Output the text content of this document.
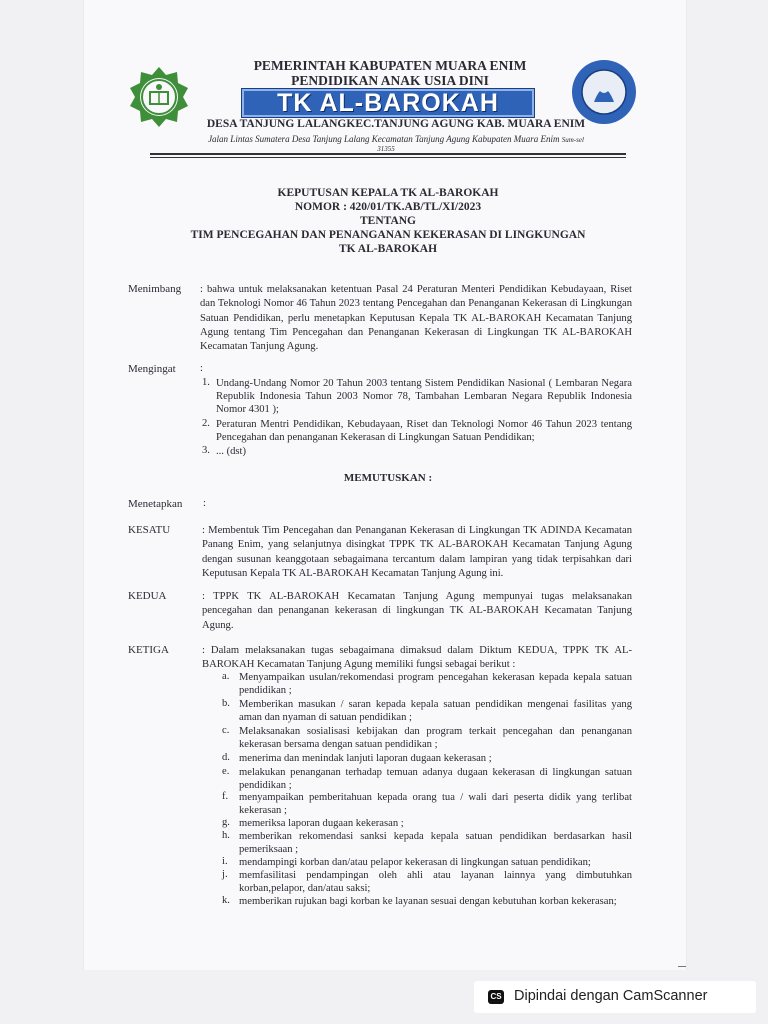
PEMERINTAH KABUPATEN MUARA ENIM
PENDIDIKAN ANAK USIA DINI
TK AL-BAROKAH
DESA TANJUNG LALANGKEC.TANJUNG AGUNG KAB. MUARA ENIM
Jalan Lintas Sumatera Desa Tanjung Lalang Kecamatan Tanjung Agung Kabupaten Muara Enim Sum-sel
31355
KEPUTUSAN KEPALA TK AL-BAROKAH
NOMOR : 420/01/TK.AB/TL/XI/2023
TENTANG
TIM PENCEGAHAN DAN PENANGANAN KEKERASAN DI LINGKUNGAN
TK AL-BAROKAH
Menimbang : bahwa untuk melaksanakan ketentuan Pasal 24 Peraturan Menteri Pendidikan Kebudayaan, Riset dan Teknologi Nomor 46 Tahun 2023 tentang Pencegahan dan Penanganan Kekerasan di Lingkungan Satuan Pendidikan, perlu menetapkan Keputusan Kepala TK AL-BAROKAH Kecamatan Tanjung Agung tentang Tim Pencegahan dan Penanganan Kekerasan di Lingkungan TK AL-BAROKAH Kecamatan Tanjung Agung.
Mengingat :
1. Undang-Undang Nomor 20 Tahun 2003 tentang Sistem Pendidikan Nasional ( Lembaran Negara Republik Indonesia Tahun 2003 Nomor 78, Tambahan Lembaran Negara Republik Indonesia Nomor 4301 );
2. Peraturan Mentri Pendidikan, Kebudayaan, Riset dan Teknologi Nomor 46 Tahun 2023 tentang Pencegahan dan penanganan Kekerasan di Lingkungan Satuan Pendidikan;
3. ... (dst)
MEMUTUSKAN :
Menetapkan :
KESATU	: Membentuk Tim Pencegahan dan Penanganan Kekerasan di Lingkungan TK ADINDA Kecamatan Panang Enim, yang selanjutnya disingkat TPPK TK AL-BAROKAH Kecamatan Tanjung Agung dengan susunan keanggotaan sebagaimana tercantum dalam lampiran yang tidak terpisahkan dari Keputusan Kepala TK AL-BAROKAH Kecamatan Tanjung Agung ini.
KEDUA	: TPPK TK AL-BAROKAH Kecamatan Tanjung Agung mempunyai tugas melaksanakan pencegahan dan penanganan kekerasan di lingkungan TK AL-BAROKAH Kecamatan Tanjung Agung.
KETIGA	: Dalam melaksanakan tugas sebagaimana dimaksud dalam Diktum KEDUA, TPPK TK AL-BAROKAH Kecamatan Tanjung Agung memiliki fungsi sebagai berikut :
a. Menyampaikan usulan/rekomendasi program pencegahan kekerasan kepada kepala satuan pendidikan ;
b. Memberikan masukan / saran kepada kepala satuan pendidikan mengenai fasilitas yang aman dan nyaman di satuan pendidikan ;
c. Melaksanakan sosialisasi kebijakan dan program terkait pencegahan dan penanganan kekerasan bersama dengan satuan pendidikan ;
d. menerima dan menindak lanjuti laporan dugaan kekerasan ;
e. melakukan penanganan terhadap temuan adanya dugaan kekerasan di lingkungan satuan pendidikan ;
f. menyampaikan pemberitahuan kepada orang tua / wali dari peserta didik yang terlibat kekerasan ;
g. memeriksa laporan dugaan kekerasan ;
h. memberikan rekomendasi sanksi kepada kepala satuan pendidikan berdasarkan hasil pemeriksaan ;
i. mendampingi korban dan/atau pelapor kekerasan di lingkungan satuan pendidikan;
j. memfasilitasi pendampingan oleh ahli atau layanan lainnya yang dimbutuhkan korban,pelapor, dan/atau saksi;
k. memberikan rujukan bagi korban ke layanan sesuai dengan kebutuhan korban kekerasan;
CS Dipindai dengan CamScanner
